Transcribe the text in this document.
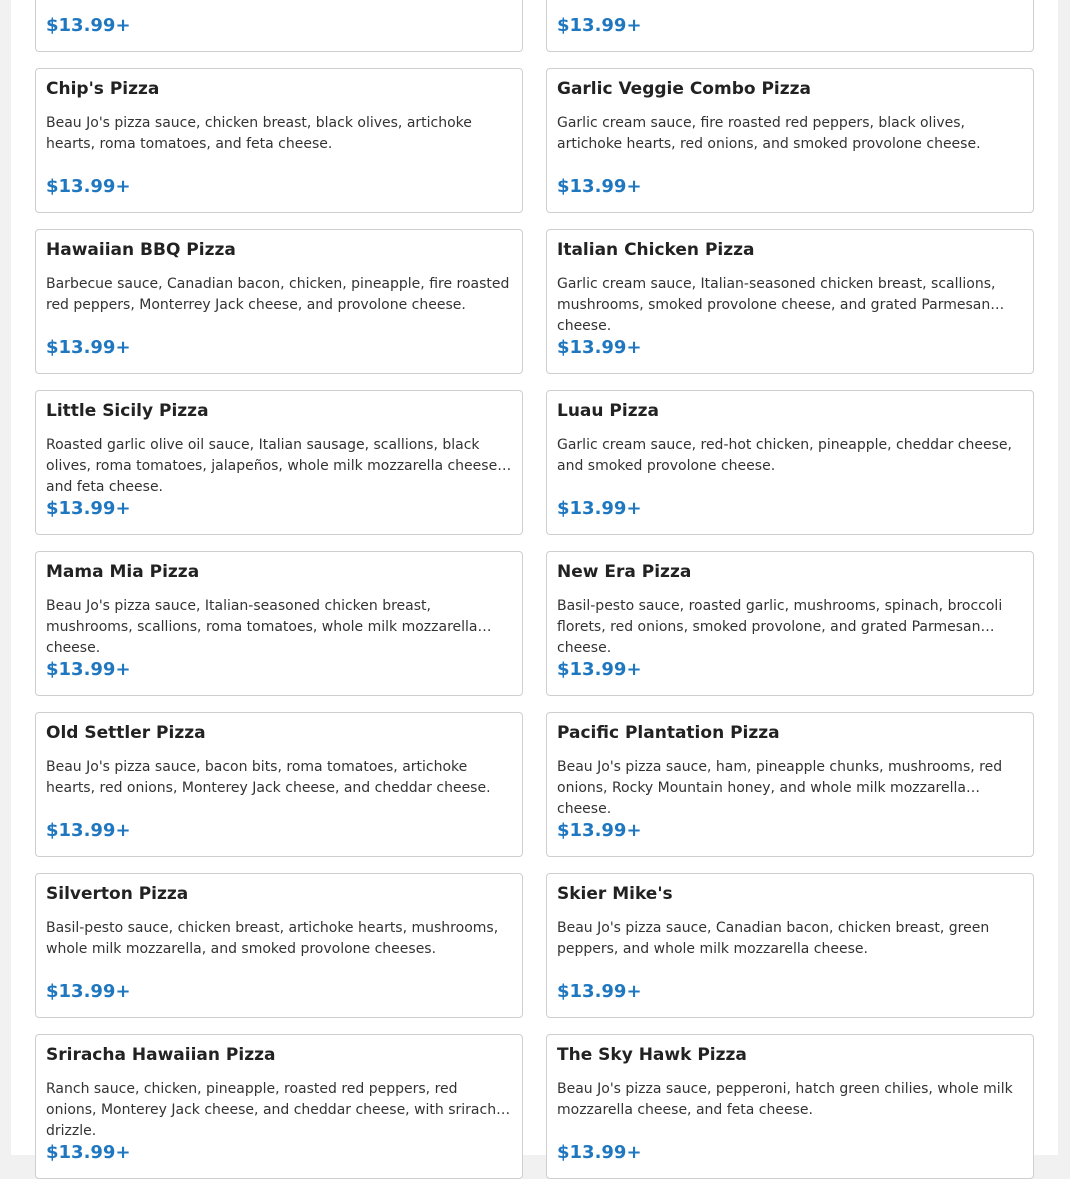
$13.99+	$13.99+
Chip's Pizza

Beau Jo's pizza sauce, chicken breast, black olives, artichoke hearts, roma tomatoes, and feta cheese.

$13.99+
Garlic Veggie Combo Pizza

Garlic cream sauce, fire roasted red peppers, black olives, artichoke hearts, red onions, and smoked provolone cheese.

$13.99+
Hawaiian BBQ Pizza

Barbecue sauce, Canadian bacon, chicken, pineapple, fire roasted red peppers, Monterrey Jack cheese, and provolone cheese.

$13.99+
Italian Chicken Pizza

Garlic cream sauce, Italian-seasoned chicken breast, scallions, mushrooms, smoked provolone cheese, and grated Parmesan cheese.

$13.99+
Little Sicily Pizza

Roasted garlic olive oil sauce, Italian sausage, scallions, black olives, roma tomatoes, jalapeños, whole milk mozzarella cheese, and feta cheese.

$13.99+
Luau Pizza

Garlic cream sauce, red-hot chicken, pineapple, cheddar cheese, and smoked provolone cheese.

$13.99+
Mama Mia Pizza

Beau Jo's pizza sauce, Italian-seasoned chicken breast, mushrooms, scallions, roma tomatoes, whole milk mozzarella cheese.

$13.99+
New Era Pizza

Basil-pesto sauce, roasted garlic, mushrooms, spinach, broccoli florets, red onions, smoked provolone, and grated Parmesan cheese.

$13.99+
Old Settler Pizza

Beau Jo's pizza sauce, bacon bits, roma tomatoes, artichoke hearts, red onions, Monterey Jack cheese, and cheddar cheese.

$13.99+
Pacific Plantation Pizza

Beau Jo's pizza sauce, ham, pineapple chunks, mushrooms, red onions, Rocky Mountain honey, and whole milk mozzarella cheese.

$13.99+
Silverton Pizza

Basil-pesto sauce, chicken breast, artichoke hearts, mushrooms, whole milk mozzarella, and smoked provolone cheeses.

$13.99+
Skier Mike's

Beau Jo's pizza sauce, Canadian bacon, chicken breast, green peppers, and whole milk mozzarella cheese.

$13.99+
Sriracha Hawaiian Pizza

Ranch sauce, chicken, pineapple, roasted red peppers, red onions, Monterey Jack cheese, and cheddar cheese, with sriracha drizzle.

$13.99+
The Sky Hawk Pizza

Beau Jo's pizza sauce, pepperoni, hatch green chilies, whole milk mozzarella cheese, and feta cheese.

$13.99+
